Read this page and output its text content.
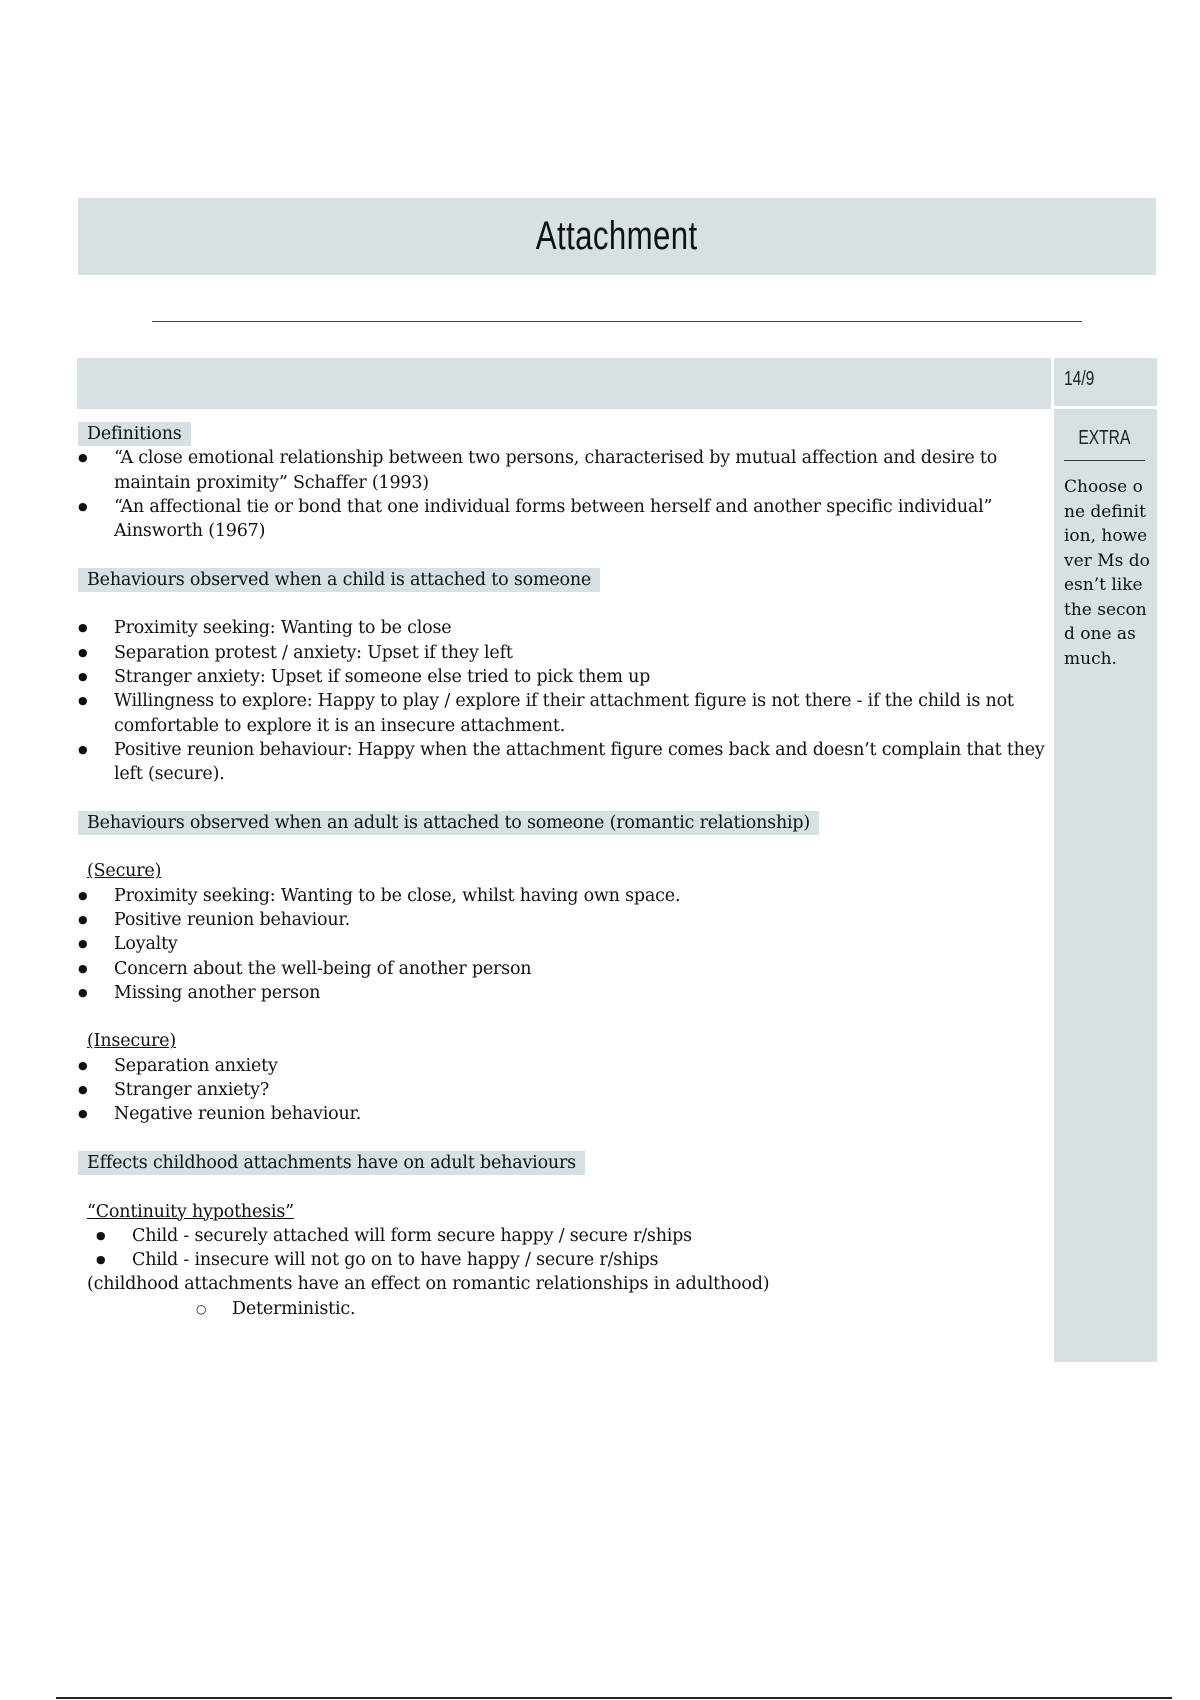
Attachment
14/9
EXTRA
Choose one definition, however Ms doesn’t like the second one as much.
Definitions
● “A close emotional relationship between two persons, characterised by mutual affection and desire to maintain proximity” Schaffer (1993)
● “An affectional tie or bond that one individual forms between herself and another specific individual” Ainsworth (1967)
Behaviours observed when a child is attached to someone
● Proximity seeking: Wanting to be close
● Separation protest / anxiety: Upset if they left
● Stranger anxiety: Upset if someone else tried to pick them up
● Willingness to explore: Happy to play / explore if their attachment figure is not there - if the child is not comfortable to explore it is an insecure attachment.
● Positive reunion behaviour: Happy when the attachment figure comes back and doesn’t complain that they left (secure).
Behaviours observed when an adult is attached to someone (romantic relationship)
(Secure)
● Proximity seeking: Wanting to be close, whilst having own space.
● Positive reunion behaviour.
● Loyalty
● Concern about the well-being of another person
● Missing another person
(Insecure)
● Separation anxiety
● Stranger anxiety?
● Negative reunion behaviour.
Effects childhood attachments have on adult behaviours
“Continuity hypothesis”
● Child - securely attached will form secure happy / secure r/ships
● Child - insecure will not go on to have happy / secure r/ships
(childhood attachments have an effect on romantic relationships in adulthood)
○ Deterministic.
